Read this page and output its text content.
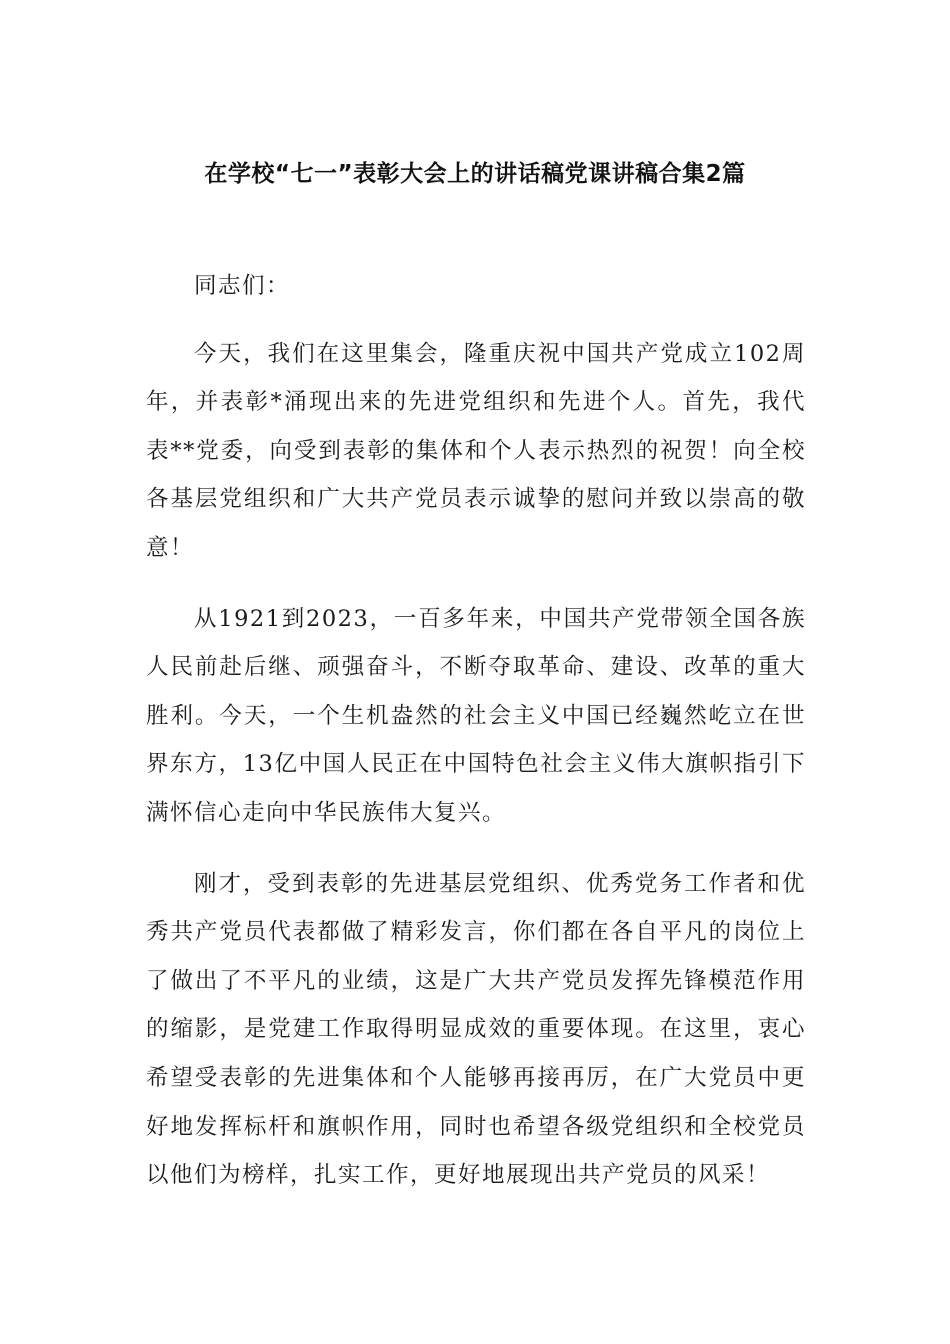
在学校“七一”表彰大会上的讲话稿党课讲稿合集2篇

同志们：

今天，我们在这里集会，隆重庆祝中国共产党成立102周年，并表彰*涌现出来的先进党组织和先进个人。首先，我代表**党委，向受到表彰的集体和个人表示热烈的祝贺！向全校各基层党组织和广大共产党员表示诚挚的慰问并致以崇高的敬意！

从1921到2023，一百多年来，中国共产党带领全国各族人民前赴后继、顽强奋斗，不断夺取革命、建设、改革的重大胜利。今天，一个生机盎然的社会主义中国已经巍然屹立在世界东方，13亿中国人民正在中国特色社会主义伟大旗帜指引下满怀信心走向中华民族伟大复兴。

刚才，受到表彰的先进基层党组织、优秀党务工作者和优秀共产党员代表都做了精彩发言，你们都在各自平凡的岗位上了做出了不平凡的业绩，这是广大共产党员发挥先锋模范作用的缩影，是党建工作取得明显成效的重要体现。在这里，衷心希望受表彰的先进集体和个人能够再接再厉，在广大党员中更好地发挥标杆和旗帜作用，同时也希望各级党组织和全校党员以他们为榜样，扎实工作，更好地展现出共产党员的风采！
